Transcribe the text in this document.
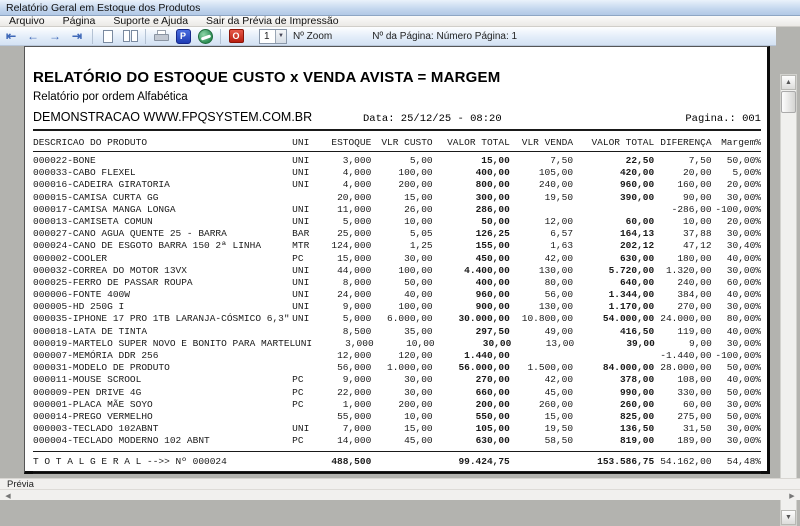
Relatório Geral em Estoque dos Produtos
Arquivo	Página	Suporte e Ajuda	Sair da Prévia de Impressão
⇤ ← → ⇥	P	O	1	▼ Nº Zoom	Nº da Página: Número Página: 1
RELATÓRIO DO ESTOQUE CUSTO x VENDA AVISTA = MARGEM
Relatório por ordem Alfabética
DEMONSTRACAO WWW.FPQSYSTEM.COM.BR	Data: 25/12/25 - 08:20	Pagina.: 001
DESCRICAO DO PRODUTO	UNI	ESTOQUE	VLR CUSTO	VALOR TOTAL	VLR VENDA	VALOR TOTAL DIFERENÇA	Margem%
000022-BONE	UNI	3,000	5,00	15,00	7,50	22,50	7,50	50,00%
000033-CABO FLEXEL	UNI	4,000	100,00	400,00	105,00	420,00	20,00	5,00%
000016-CADEIRA GIRATORIA	UNI	4,000	200,00	800,00	240,00	960,00	160,00	20,00%
000015-CAMISA CURTA GG	20,000	15,00	300,00	19,50	390,00	90,00	30,00%
000017-CAMISA MANGA LONGA	UNI	11,000	26,00	286,00	-286,00 -100,00%
000013-CAMISETA COMUN	UNI	5,000	10,00	50,00	12,00	60,00	10,00	20,00%
000027-CANO AGUA QUENTE 25 - BARRA	BAR	25,000	5,05	126,25	6,57	164,13	37,88	30,00%
000024-CANO DE ESGOTO BARRA 150 2ª LINHA	MTR	124,000	1,25	155,00	1,63	202,12	47,12	30,40%
000002-COOLER	PC	15,000	30,00	450,00	42,00	630,00	180,00	40,00%
000032-CORREA DO MOTOR 13VX	UNI	44,000	100,00	4.400,00	130,00	5.720,00	1.320,00	30,00%
000025-FERRO DE PASSAR ROUPA	UNI	8,000	50,00	400,00	80,00	640,00	240,00	60,00%
000006-FONTE 400W	UNI	24,000	40,00	960,00	56,00	1.344,00	384,00	40,00%
000005-HD 250G I	UNI	9,000	100,00	900,00	130,00	1.170,00	270,00	30,00%
000035-IPHONE 17 PRO 1TB LARANJA-CÓSMICO 6,3" UNI	5,000	6.000,00	30.000,00	10.800,00	54.000,00 24.000,00	80,00%
000018-LATA DE TINTA	8,500	35,00	297,50	49,00	416,50	119,00	40,00%
000019-MARTELO SUPER NOVO E BONITO PARA MARTEL UNI	3,000	10,00	30,00	13,00	39,00	9,00	30,00%
000007-MEMÓRIA DDR 256	12,000	120,00	1.440,00	-1.440,00 -100,00%
000031-MODELO DE PRODUTO	56,000	1.000,00	56.000,00	1.500,00	84.000,00 28.000,00	50,00%
000011-MOUSE SCROOL	PC	9,000	30,00	270,00	42,00	378,00	108,00	40,00%
000009-PEN DRIVE 4G	PC	22,000	30,00	660,00	45,00	990,00	330,00	50,00%
000001-PLACA MÃE SOYO	PC	1,000	200,00	200,00	260,00	260,00	60,00	30,00%
000014-PREGO VERMELHO	55,000	10,00	550,00	15,00	825,00	275,00	50,00%
000003-TECLADO 102ABNT	UNI	7,000	15,00	105,00	19,50	136,50	31,50	30,00%
000004-TECLADO MODERNO 102 ABNT	PC	14,000	45,00	630,00	58,50	819,00	189,00	30,00%
T O T A L G E R A L -->> Nº 000024	488,500	99.424,75	153.586,75 54.162,00	54,48%
▲
▼
Prévia
◀	▶
